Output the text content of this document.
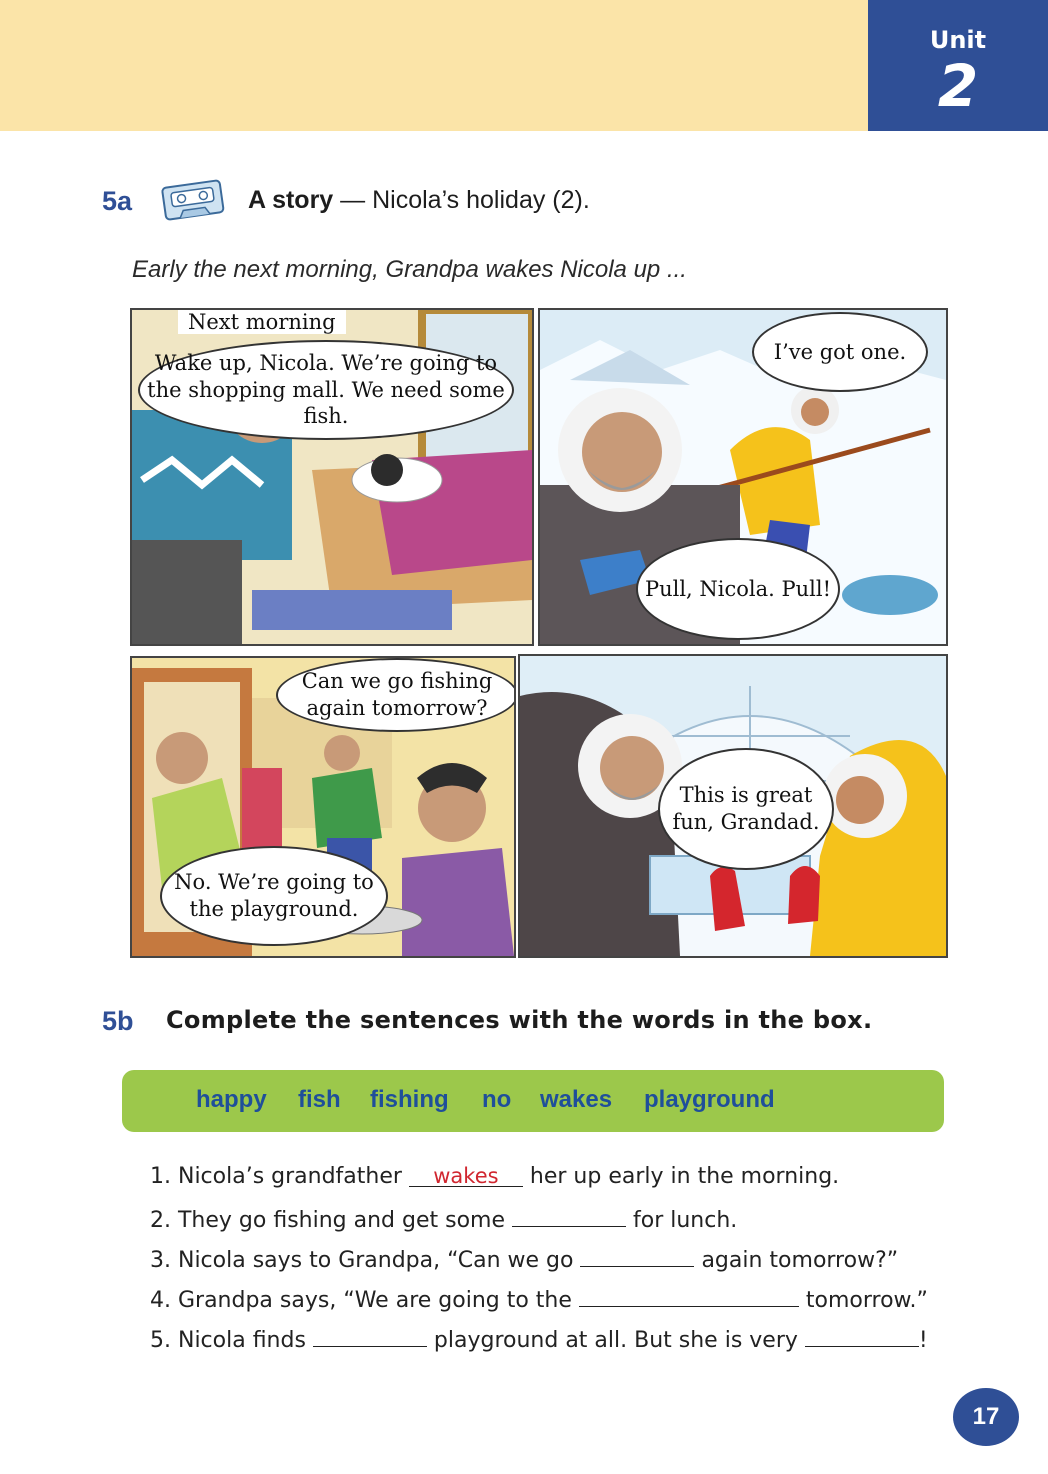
Unit
2
5a	A story — Nicola’s holiday (2).
Early the next morning, Grandpa wakes Nicola up ...
Next morning
Wake up, Nicola. We’re going to the shopping mall. We need some fish.
I’ve got one.
Pull, Nicola. Pull!
Can we go fishing again tomorrow?
No. We’re going to the playground.
This is great fun, Grandad.
5b Complete the sentences with the words in the box.
happy fish fishing no wakes playground
1. Nicola’s grandfather wakes her up early in the morning.
2. They go fishing and get some	for lunch.
3. Nicola says to Grandpa, “Can we go	again tomorrow?”
4. Grandpa says, “We are going to the	tomorrow.”
5. Nicola finds	playground at all. But she is very	!
17
